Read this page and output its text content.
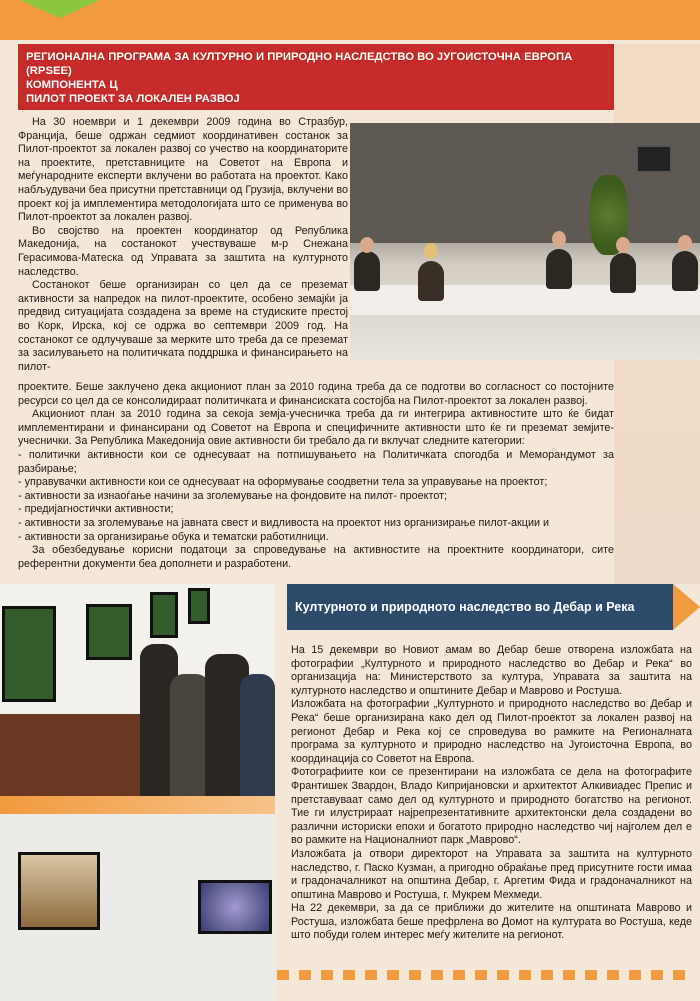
РЕГИОНАЛНА ПРОГРАМА ЗА КУЛТУРНО И ПРИРОДНО НАСЛЕДСТВО ВО ЈУГОИСТОЧНА ЕВРОПА
(RPSEE)
КОМПОНЕНТА Ц
ПИЛОТ ПРОЕКТ ЗА ЛОКАЛЕН РАЗВОЈ

На 30 ноември и 1 декември 2009 година во Стразбур, Франција, беше одржан седмиот координативен состанок за Пилот-проектот за локален развој со учество на координаторите на проектите, претставниците на Советот на Европа и меѓународните експерти вклучени во работата на проектот. Како набљудувачи беа присутни претставници од Грузија, вклучени во проект кој ја имплементира методологијата што се применува во Пилот-проектот за локален развој.

Во својство на проектен координатор од Република Македонија, на состанокот учествуваше м-р Снежана Герасимова-Матеска од Управата за заштита на културното наследство.

Состанокот беше организиран со цел да се преземат активности за напредок на пилот-проектите, особено земајќи ја предвид ситуацијата создадена за време на студиските престој во Корк, Ирска, кој се одржа во септември 2009 год. На состанокот се одлучуваше за мерките што треба да се преземат за засилувањето на политичката поддршка и финансирањето на пилот-

проектите. Беше заклучено дека акциониот план за 2010 година треба да се подготви во согласност со постојните ресурси со цел да се консолидираат политичката и финансиската состојба на Пилот-проектот за локален развој.

Акциониот план за 2010 година за секоја земја-учесничка треба да ги интегрира активностите што ќе бидат имплементирани и финансирани од Советот на Европа и специфичните активности што ќе ги преземат земјите-учеснички. За Република Македонија овие активности би требало да ги вклучат следните категории:

- политички активности кои се однесуваат на потпишувањето на Политичката спогодба и Меморандумот за разбирање;

- управувачки активности кои се однесуваат на оформување соодветни тела за управување на проектот;

- активности за изнаоѓање начини за зголемување на фондовите на пилот- проектот;

- предијагностички активности;

- активности за зголемување на јавната свест и видливоста на проектот низ организирање пилот-акции и

- активности за организирање обука и тематски работилници.

За обезбедување корисни податоци за спроведување на активностите на проектните координатори, сите референтни документи беа дополнети и разработени.

Културното и природното наследство во Дебар и Река

На 15 декември во Новиот амам во Дебар беше отворена изложбата на фотографии „Културното и природното наследство во Дебар и Река“ во организација на: Министерството за култура, Управата за заштита на културното наследство и општините Дебар и Маврово и Ростуша.

Изложбата на фотографии „Културното и природното наследство во Дебар и Река“ беше организирана како дел од Пилот-проектот за локален развој на регионот Дебар и Река кој се спроведува во рамките на Регионалната програма за културното и природно наследство на Југоисточна Европа, во координација со Советот на Европа.

Фотографиите кои се презентирани на изложбата се дела на фотографите Франтишек Звардон, Владо Кипријановски и архитектот Алкивиадес Препис и претставуваат само дел од културното и природното богатство на регионот. Тие ги илустрираат најрепрезентативните архитектонски дела создадени во различни историски епохи и богатото природно наследство чиј најголем дел е во рамките на Националниот парк „Маврово“.

Изложбата ја отвори директорот на Управата за заштита на културното наследство, г. Паско Кузман, а пригодно обраќање пред присутните гости имаа и градоначалникот на општина Дебар, г. Аргетим Фида и градоначалникот на општина Маврово и Ростуша, г. Мукрем Мехмеди.

На 22 декември, за да се приближи до жителите на општината Маврово и Ростуша, изложбата беше префрлена во Домот на културата во Ростуша, кеде што побуди голем интерес меѓу жителите на регионот.
